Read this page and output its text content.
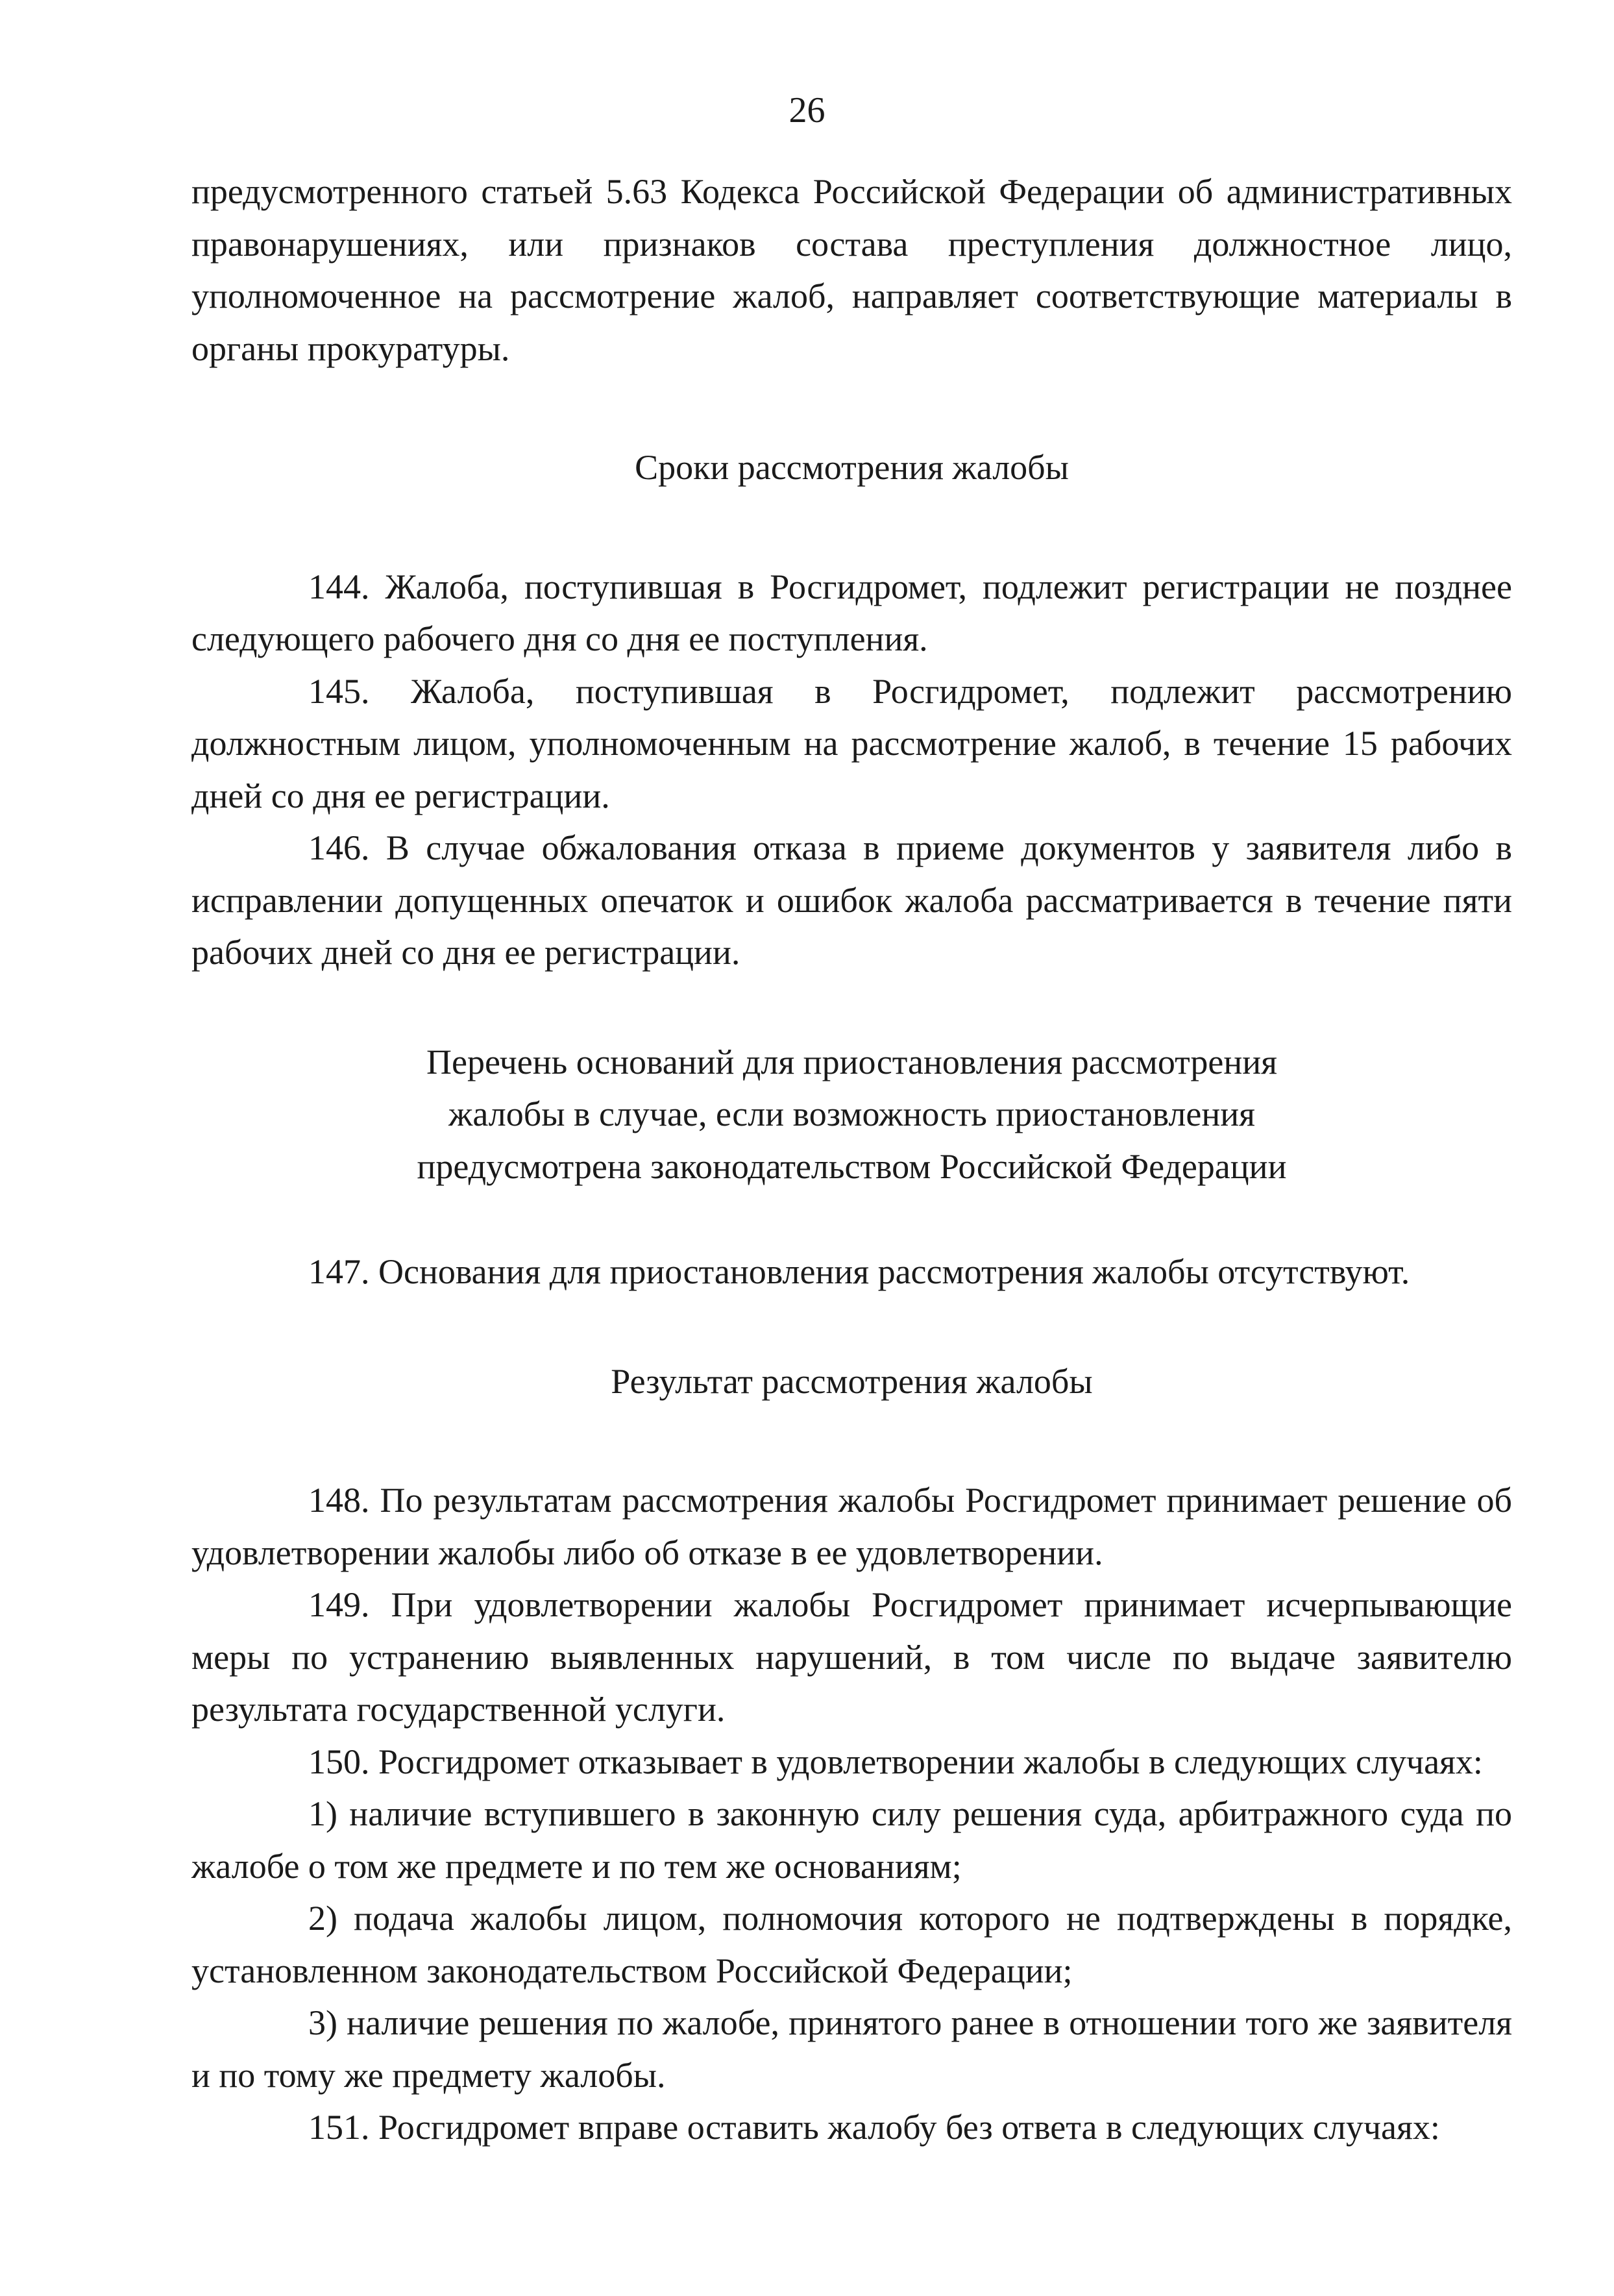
26

предусмотренного статьей 5.63 Кодекса Российской Федерации об административных правонарушениях, или признаков состава преступления должностное лицо, уполномоченное на рассмотрение жалоб, направляет соответствующие материалы в органы прокуратуры.

Сроки рассмотрения жалобы

144. Жалоба, поступившая в Росгидромет, подлежит регистрации не позднее следующего рабочего дня со дня ее поступления.

145. Жалоба, поступившая в Росгидромет, подлежит рассмотрению должностным лицом, уполномоченным на рассмотрение жалоб, в течение 15 рабочих дней со дня ее регистрации.

146. В случае обжалования отказа в приеме документов у заявителя либо в исправлении допущенных опечаток и ошибок жалоба рассматривается в течение пяти рабочих дней со дня ее регистрации.

Перечень оснований для приостановления рассмотрения

жалобы в случае, если возможность приостановления

предусмотрена законодательством Российской Федерации

147. Основания для приостановления рассмотрения жалобы отсутствуют.

Результат рассмотрения жалобы

148. По результатам рассмотрения жалобы Росгидромет принимает решение об удовлетворении жалобы либо об отказе в ее удовлетворении.

149. При удовлетворении жалобы Росгидромет принимает исчерпывающие меры по устранению выявленных нарушений, в том числе по выдаче заявителю результата государственной услуги.

150. Росгидромет отказывает в удовлетворении жалобы в следующих случаях:

1) наличие вступившего в законную силу решения суда, арбитражного суда по жалобе о том же предмете и по тем же основаниям;

2) подача жалобы лицом, полномочия которого не подтверждены в порядке, установленном законодательством Российской Федерации;

3) наличие решения по жалобе, принятого ранее в отношении того же заявителя и по тому же предмету жалобы.

151. Росгидромет вправе оставить жалобу без ответа в следующих случаях:
